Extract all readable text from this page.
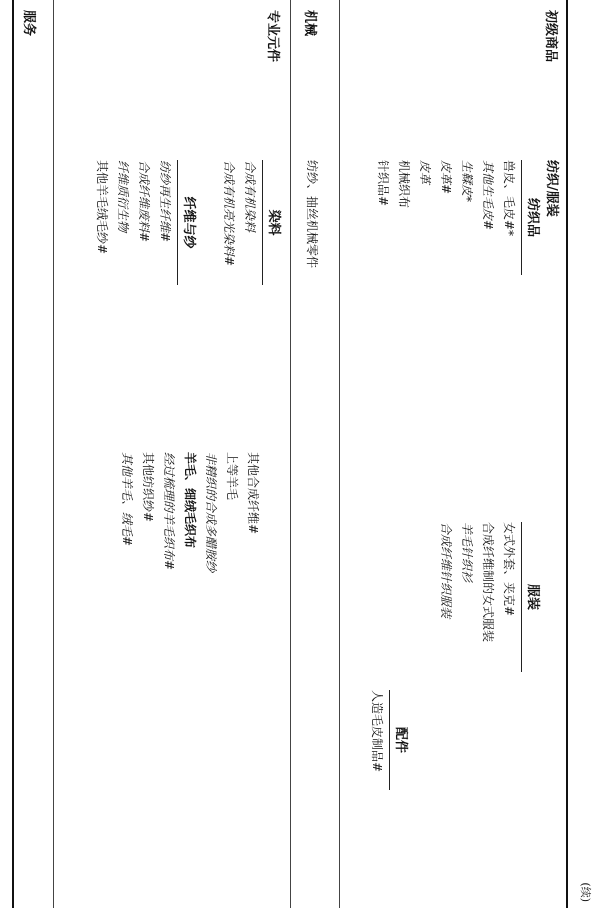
(续)
初级商品
纺织/服装
纺织品
兽皮、毛皮#*
其他生毛皮#
生鞣皮*
皮革#
皮革
机械织布
针织品#
服装
女式外套、夹克#
合成纤维制的女式服装
羊毛针织衫
合成纤维针织服装
配件
人造毛皮制品#
机械
纺纱、抽丝机械零件
专业元件
染料
合成有机染料
合成有机亮光染料#
纤维与纱
纺纱再生纤维#
合成纤维废料#
纤维质衍生物
其他羊毛绒毛纱#
其他合成纤维#
上等羊毛
非精织的合成多醋胺纱
羊毛、细绒毛织布
经过梳理的羊毛织布#
其他纺织纱#
其他羊毛、绒毛#
服务
